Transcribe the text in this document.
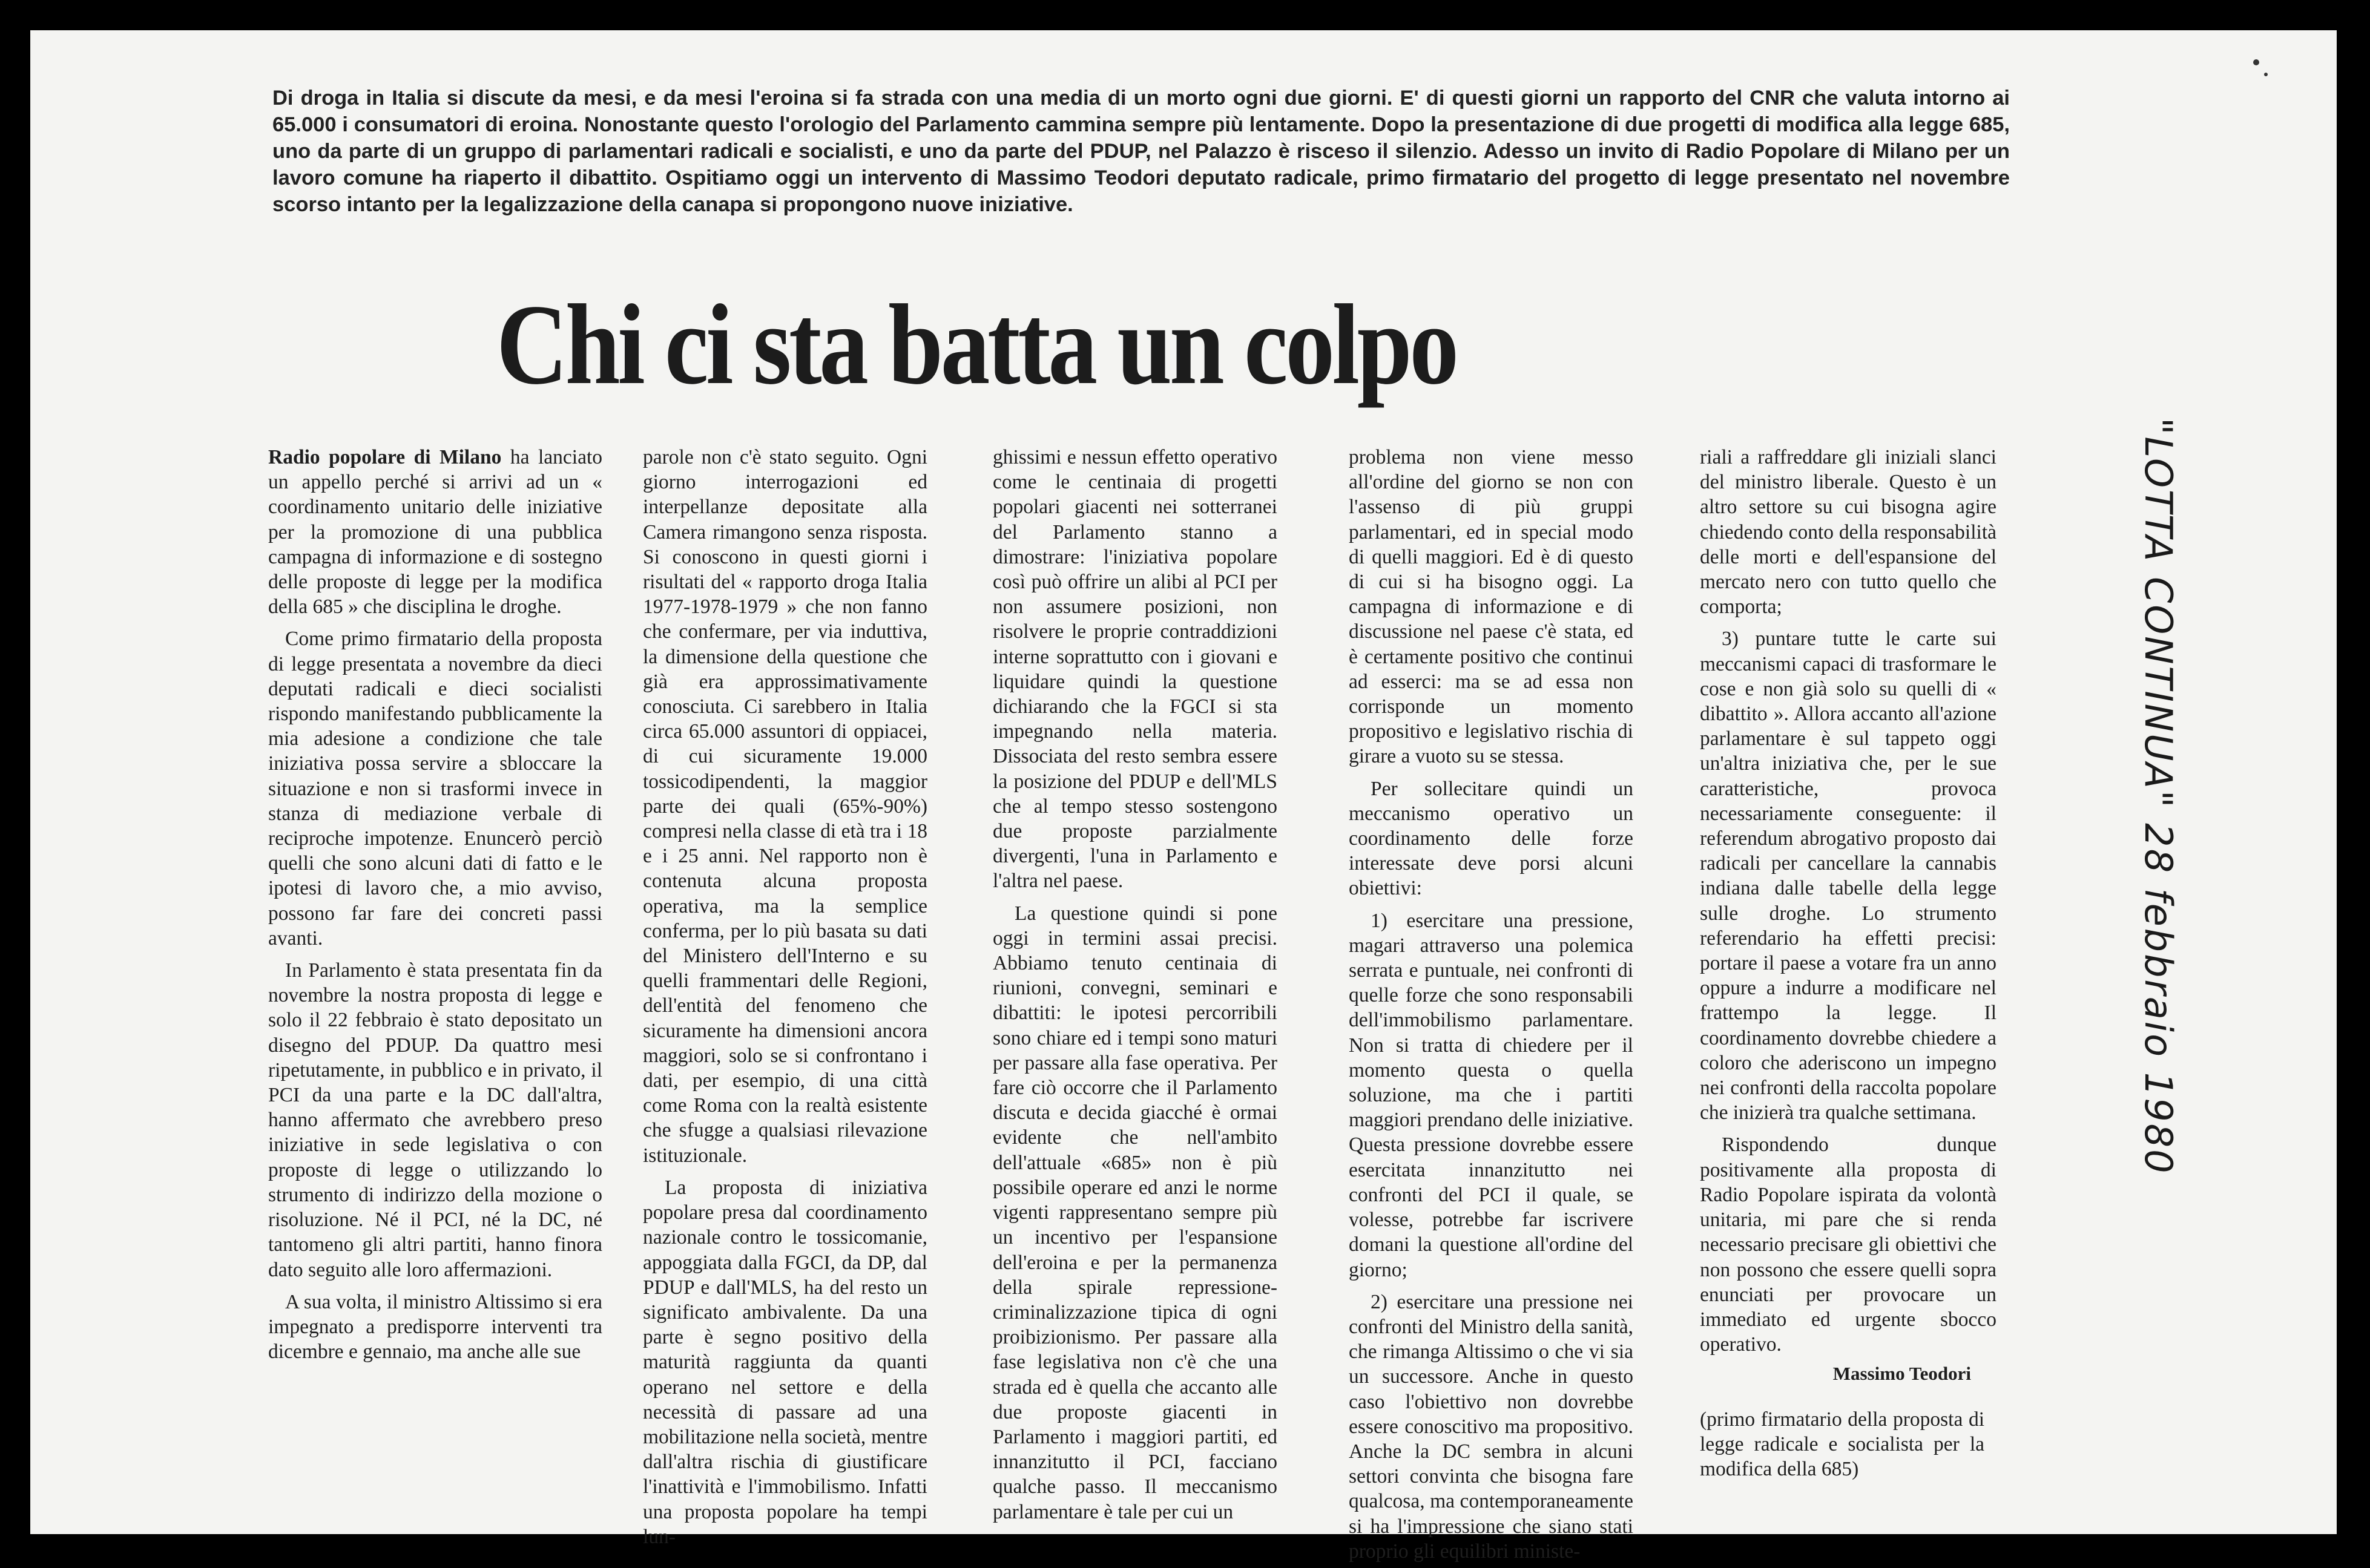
Di droga in Italia si discute da mesi, e da mesi l'eroina si fa strada con una media di un morto ogni due giorni. E' di questi giorni un rapporto del CNR che valuta intorno ai 65.000 i consumatori di eroina. Nonostante questo l'orologio del Parlamento cammina sempre più lentamente. Dopo la presentazione di due progetti di modifica alla legge 685, uno da parte di un gruppo di parlamentari radicali e socialisti, e uno da parte del PDUP, nel Palazzo è risceso il silenzio. Adesso un invito di Radio Popolare di Milano per un lavoro comune ha riaperto il dibattito. Ospitiamo oggi un intervento di Massimo Teodori deputato radicale, primo firmatario del progetto di legge presentato nel novembre scorso intanto per la legalizzazione della canapa si propongono nuove iniziative.
Chi ci sta batta un colpo

Radio popolare di Milano ha lanciato un appello perché si arrivi ad un « coordinamento unitario delle iniziative per la promozione di una pubblica campagna di informazione e di sostegno delle proposte di legge per la modifica della 685 » che disciplina le droghe.

Come primo firmatario della proposta di legge presentata a novembre da dieci deputati radicali e dieci socialisti rispondo manifestando pubblicamente la mia adesione a condizione che tale iniziativa possa servire a sbloccare la situazione e non si trasformi invece in stanza di mediazione verbale di reciproche impotenze. Enuncerò perciò quelli che sono alcuni dati di fatto e le ipotesi di lavoro che, a mio avviso, possono far fare dei concreti passi avanti.

In Parlamento è stata presentata fin da novembre la nostra proposta di legge e solo il 22 febbraio è stato depositato un disegno del PDUP. Da quattro mesi ripetutamente, in pubblico e in privato, il PCI da una parte e la DC dall'altra, hanno affermato che avrebbero preso iniziative in sede legislativa o con proposte di legge o utilizzando lo strumento di indirizzo della mozione o risoluzione. Né il PCI, né la DC, né tantomeno gli altri partiti, hanno finora dato seguito alle loro affermazioni.

A sua volta, il ministro Altissimo si era impegnato a predisporre interventi tra dicembre e gennaio, ma anche alle sue

parole non c'è stato seguito. Ogni giorno interrogazioni ed interpellanze depositate alla Camera rimangono senza risposta. Si conoscono in questi giorni i risultati del « rapporto droga Italia 1977-1978-1979 » che non fanno che confermare, per via induttiva, la dimensione della questione che già era approssimativamente conosciuta. Ci sarebbero in Italia circa 65.000 assuntori di oppiacei, di cui sicuramente 19.000 tossicodipendenti, la maggior parte dei quali (65%-90%) compresi nella classe di età tra i 18 e i 25 anni. Nel rapporto non è contenuta alcuna proposta operativa, ma la semplice conferma, per lo più basata su dati del Ministero dell'Interno e su quelli frammentari delle Regioni, dell'entità del fenomeno che sicuramente ha dimensioni ancora maggiori, solo se si confrontano i dati, per esempio, di una città come Roma con la realtà esistente che sfugge a qualsiasi rilevazione istituzionale.

La proposta di iniziativa popolare presa dal coordinamento nazionale contro le tossicomanie, appoggiata dalla FGCI, da DP, dal PDUP e dall'MLS, ha del resto un significato ambivalente. Da una parte è segno positivo della maturità raggiunta da quanti operano nel settore e della necessità di passare ad una mobilitazione nella società, mentre dall'altra rischia di giustificare l'inattività e l'immobilismo. Infatti una proposta popolare ha tempi lun-

ghissimi e nessun effetto operativo come le centinaia di progetti popolari giacenti nei sotterranei del Parlamento stanno a dimostrare: l'iniziativa popolare così può offrire un alibi al PCI per non assumere posizioni, non risolvere le proprie contraddizioni interne soprattutto con i giovani e liquidare quindi la questione dichiarando che la FGCI si sta impegnando nella materia. Dissociata del resto sembra essere la posizione del PDUP e dell'MLS che al tempo stesso sostengono due proposte parzialmente divergenti, l'una in Parlamento e l'altra nel paese.

La questione quindi si pone oggi in termini assai precisi. Abbiamo tenuto centinaia di riunioni, convegni, seminari e dibattiti: le ipotesi percorribili sono chiare ed i tempi sono maturi per passare alla fase operativa. Per fare ciò occorre che il Parlamento discuta e decida giacché è ormai evidente che nell'ambito dell'attuale «685» non è più possibile operare ed anzi le norme vigenti rappresentano sempre più un incentivo per l'espansione dell'eroina e per la permanenza della spirale repressione-criminalizzazione tipica di ogni proibizionismo. Per passare alla fase legislativa non c'è che una strada ed è quella che accanto alle due proposte giacenti in Parlamento i maggiori partiti, ed innanzitutto il PCI, facciano qualche passo. Il meccanismo parlamentare è tale per cui un

problema non viene messo all'ordine del giorno se non con l'assenso di più gruppi parlamentari, ed in special modo di quelli maggiori. Ed è di questo di cui si ha bisogno oggi. La campagna di informazione e di discussione nel paese c'è stata, ed è certamente positivo che continui ad esserci: ma se ad essa non corrisponde un momento propositivo e legislativo rischia di girare a vuoto su se stessa.

Per sollecitare quindi un meccanismo operativo un coordinamento delle forze interessate deve porsi alcuni obiettivi:

1) esercitare una pressione, magari attraverso una polemica serrata e puntuale, nei confronti di quelle forze che sono responsabili dell'immobilismo parlamentare. Non si tratta di chiedere per il momento questa o quella soluzione, ma che i partiti maggiori prendano delle iniziative. Questa pressione dovrebbe essere esercitata innanzitutto nei confronti del PCI il quale, se volesse, potrebbe far iscrivere domani la questione all'ordine del giorno;

2) esercitare una pressione nei confronti del Ministro della sanità, che rimanga Altissimo o che vi sia un successore. Anche in questo caso l'obiettivo non dovrebbe essere conoscitivo ma propositivo. Anche la DC sembra in alcuni settori convinta che bisogna fare qualcosa, ma contemporaneamente si ha l'impressione che siano stati proprio gli equilibri ministe-

riali a raffreddare gli iniziali slanci del ministro liberale. Questo è un altro settore su cui bisogna agire chiedendo conto della responsabilità delle morti e dell'espansione del mercato nero con tutto quello che comporta;

3) puntare tutte le carte sui meccanismi capaci di trasformare le cose e non già solo su quelli di « dibattito ». Allora accanto all'azione parlamentare è sul tappeto oggi un'altra iniziativa che, per le sue caratteristiche, provoca necessariamente conseguente: il referendum abrogativo proposto dai radicali per cancellare la cannabis indiana dalle tabelle della legge sulle droghe. Lo strumento referendario ha effetti precisi: portare il paese a votare fra un anno oppure a indurre a modificare nel frattempo la legge. Il coordinamento dovrebbe chiedere a coloro che aderiscono un impegno nei confronti della raccolta popolare che inizierà tra qualche settimana.

Rispondendo dunque positivamente alla proposta di Radio Popolare ispirata da volontà unitaria, mi pare che si renda necessario precisare gli obiettivi che non possono che essere quelli sopra enunciati per provocare un immediato ed urgente sbocco operativo.

Massimo Teodori
(primo firmatario della proposta di legge radicale e socialista per la modifica della 685)
"LOTTA CONTINUA" 28 febbraio 1980
